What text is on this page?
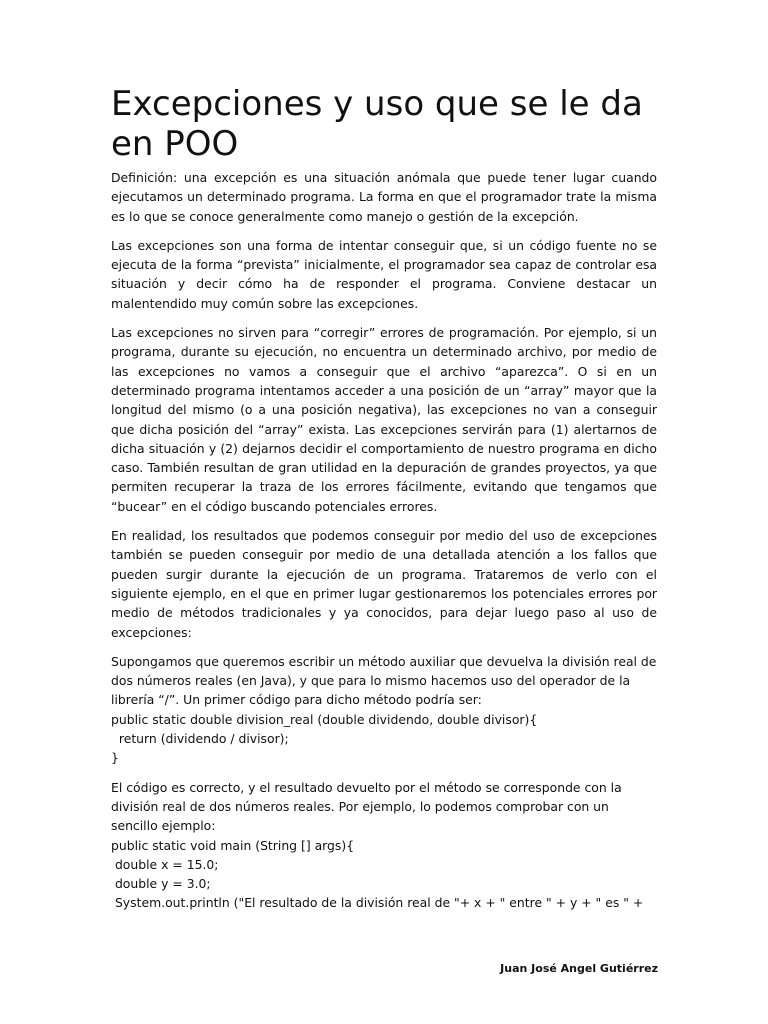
Excepciones y uso que se le da en POO

Definición: una excepción es una situación anómala que puede tener lugar cuando ejecutamos un determinado programa. La forma en que el programador trate la misma es lo que se conoce generalmente como manejo o gestión de la excepción.

Las excepciones son una forma de intentar conseguir que, si un código fuente no se ejecuta de la forma “prevista” inicialmente, el programador sea capaz de controlar esa situación y decir cómo ha de responder el programa. Conviene destacar un malentendido muy común sobre las excepciones.

Las excepciones no sirven para “corregir” errores de programación. Por ejemplo, si un programa, durante su ejecución, no encuentra un determinado archivo, por medio de las excepciones no vamos a conseguir que el archivo “aparezca”. O si en un determinado programa intentamos acceder a una posición de un “array” mayor que la longitud del mismo (o a una posición negativa), las excepciones no van a conseguir que dicha posición del “array” exista. Las excepciones servirán para (1) alertarnos de dicha situación y (2) dejarnos decidir el comportamiento de nuestro programa en dicho caso. También resultan de gran utilidad en la depuración de grandes proyectos, ya que permiten recuperar la traza de los errores fácilmente, evitando que tengamos que “bucear” en el código buscando potenciales errores.

En realidad, los resultados que podemos conseguir por medio del uso de excepciones también se pueden conseguir por medio de una detallada atención a los fallos que pueden surgir durante la ejecución de un programa. Trataremos de verlo con el siguiente ejemplo, en el que en primer lugar gestionaremos los potenciales errores por medio de métodos tradicionales y ya conocidos, para dejar luego paso al uso de excepciones:

Supongamos que queremos escribir un método auxiliar que devuelva la división real de
dos números reales (en Java), y que para lo mismo hacemos uso del operador de la
librería “/”. Un primer código para dicho método podría ser:
public static double division_real (double dividendo, double divisor){
return (dividendo / divisor);
}
El código es correcto, y el resultado devuelto por el método se corresponde con la
división real de dos números reales. Por ejemplo, lo podemos comprobar con un
sencillo ejemplo:
public static void main (String [] args){
double x = 15.0;
double y = 3.0;
System.out.println ("El resultado de la división real de "+ x + " entre " + y + " es " +
Juan José Angel Gutiérrez
